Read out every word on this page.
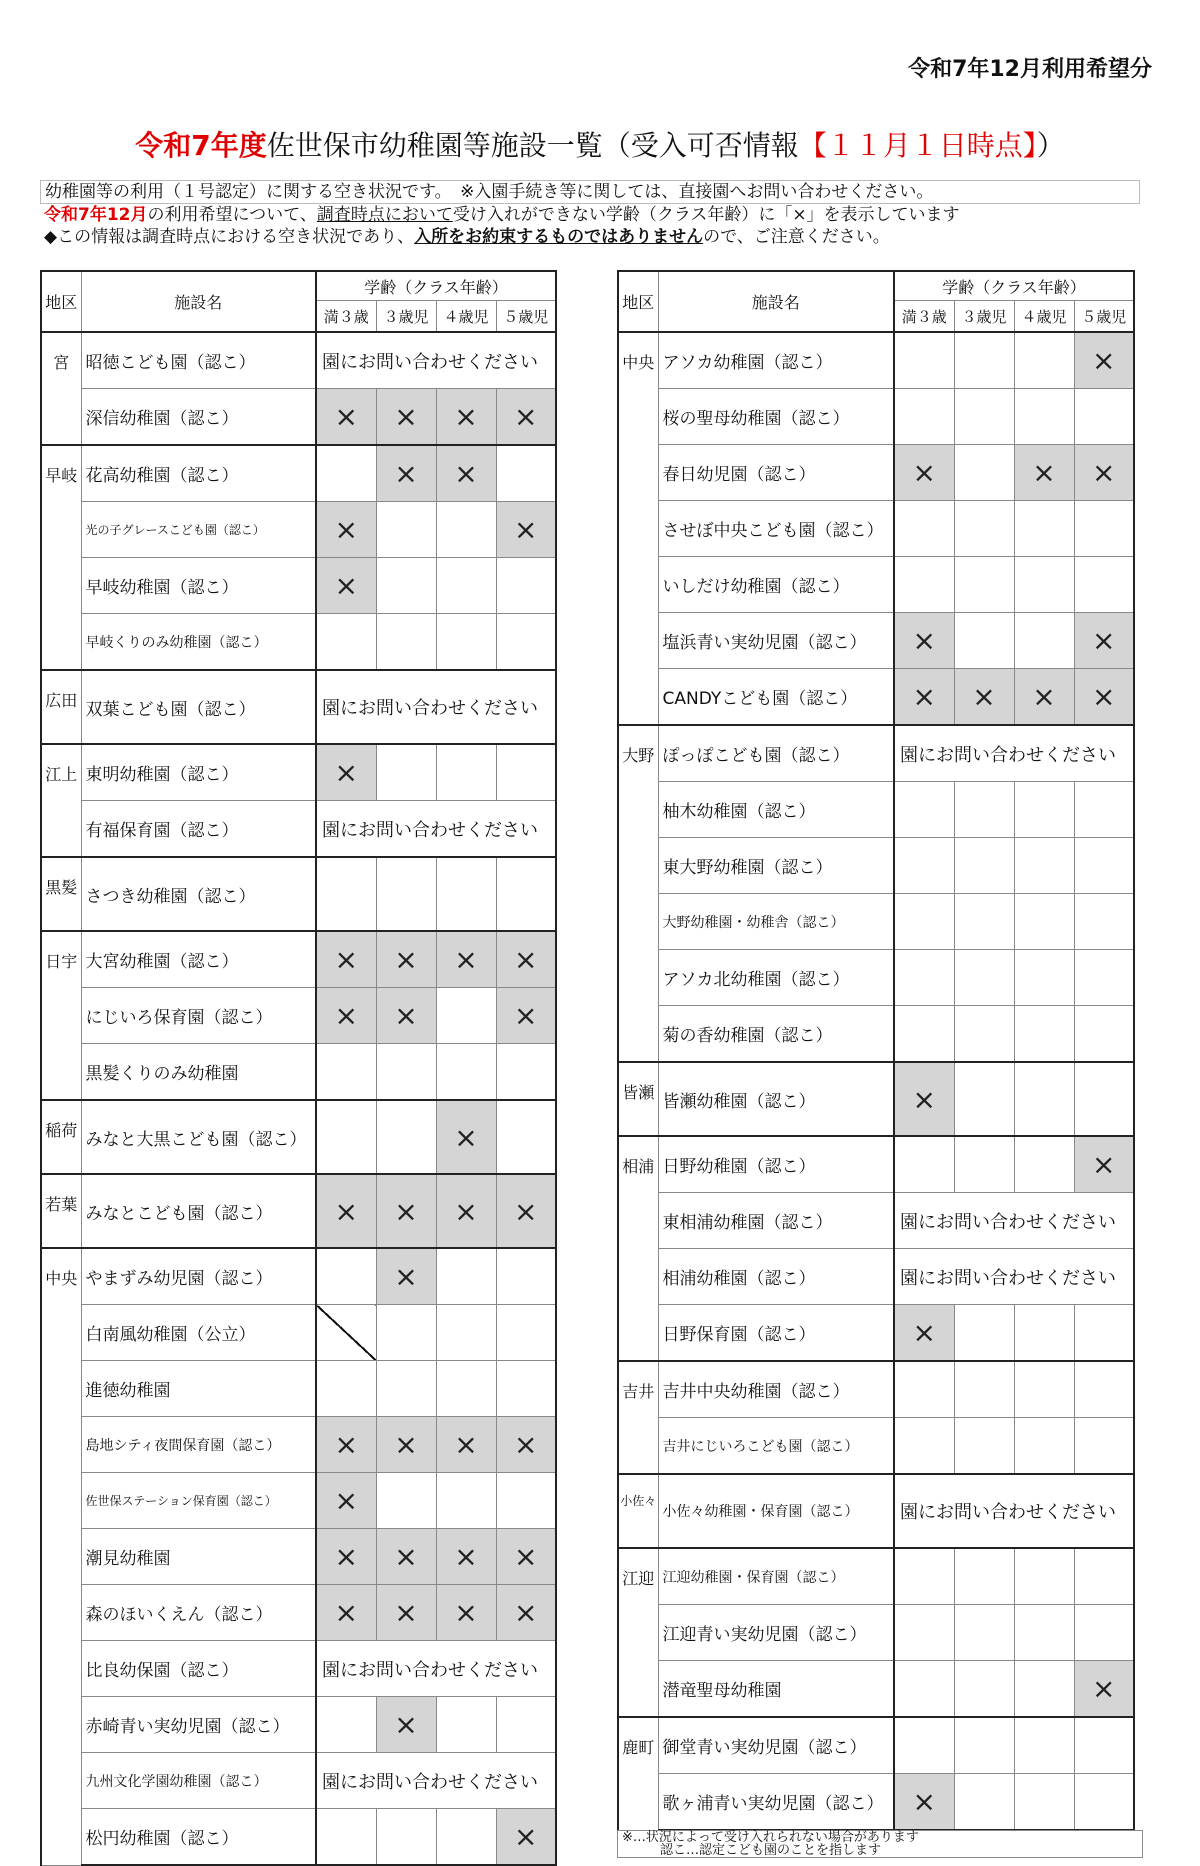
令和7年12月利用希望分
令和7年度佐世保市幼稚園等施設一覧（受入可否情報【１１月１日時点】）
幼稚園等の利用（１号認定）に関する空き状況です。　※入園手続き等に関しては、直接園へお問い合わせください。
令和7年12月の利用希望について、調査時点において受け入れができない学齢（クラス年齢）に「×」を表示しています
◆この情報は調査時点における空き状況であり、入所をお約束するものではありませんので、ご注意ください。
地区	施設名	学齢（クラス年齢）			
		満３歳	３歳児	４歳児	５歳児
宮	昭徳こども園（認こ）	園にお問い合わせください			
	深信幼稚園（認こ）	×	×	×	×
早岐	花高幼稚園（認こ）		×	×	
	光の子グレースこども園（認こ）	×			×
	早岐幼稚園（認こ）	×			
	早岐くりのみ幼稚園（認こ）				
広田	双葉こども園（認こ）	園にお問い合わせください			
江上	東明幼稚園（認こ）	×			
	有福保育園（認こ）	園にお問い合わせください			
黒髪	さつき幼稚園（認こ）				
日宇	大宮幼稚園（認こ）	×	×	×	×
	にじいろ保育園（認こ）	×	×		×
	黒髪くりのみ幼稚園				
稲荷	みなと大黒こども園（認こ）			×	
若葉	みなとこども園（認こ）	×	×	×	×
中央	やまずみ幼児園（認こ）		×		
	白南風幼稚園（公立）				
	進徳幼稚園				
	島地シティ夜間保育園（認こ）	×	×	×	×
	佐世保ステーション保育園（認こ）	×			
	潮見幼稚園	×	×	×	×
	森のほいくえん（認こ）	×	×	×	×
	比良幼保園（認こ）	園にお問い合わせください			
	赤崎青い実幼児園（認こ）		×		
	九州文化学園幼稚園（認こ）	園にお問い合わせください			
	松円幼稚園（認こ）				×
地区	施設名	学齢（クラス年齢）			
		満３歳	３歳児	４歳児	５歳児
中央	アソカ幼稚園（認こ）				×
	桜の聖母幼稚園（認こ）				
	春日幼児園（認こ）	×		×	×
	させぼ中央こども園（認こ）				
	いしだけ幼稚園（認こ）				
	塩浜青い実幼児園（認こ）	×			×
	CANDYこども園（認こ）	×	×	×	×
大野	ぽっぽこども園（認こ）	園にお問い合わせください			
	柚木幼稚園（認こ）				
	東大野幼稚園（認こ）				
	大野幼稚園・幼稚舎（認こ）				
	アソカ北幼稚園（認こ）				
	菊の香幼稚園（認こ）				
皆瀬	皆瀬幼稚園（認こ）	×			
相浦	日野幼稚園（認こ）				×
	東相浦幼稚園（認こ）	園にお問い合わせください			
	相浦幼稚園（認こ）	園にお問い合わせください			
	日野保育園（認こ）	×			
吉井	吉井中央幼稚園（認こ）				
	吉井にじいろこども園（認こ）				
小佐々	小佐々幼稚園・保育園（認こ）	園にお問い合わせください			
江迎	江迎幼稚園・保育園（認こ）				
	江迎青い実幼児園（認こ）				
	潜竜聖母幼稚園				×
鹿町	御堂青い実幼児園（認こ）				
	歌ヶ浦青い実幼児園（認こ）	×			
※…状況によって受け入れられない場合があります
認こ…認定こども園のことを指します
